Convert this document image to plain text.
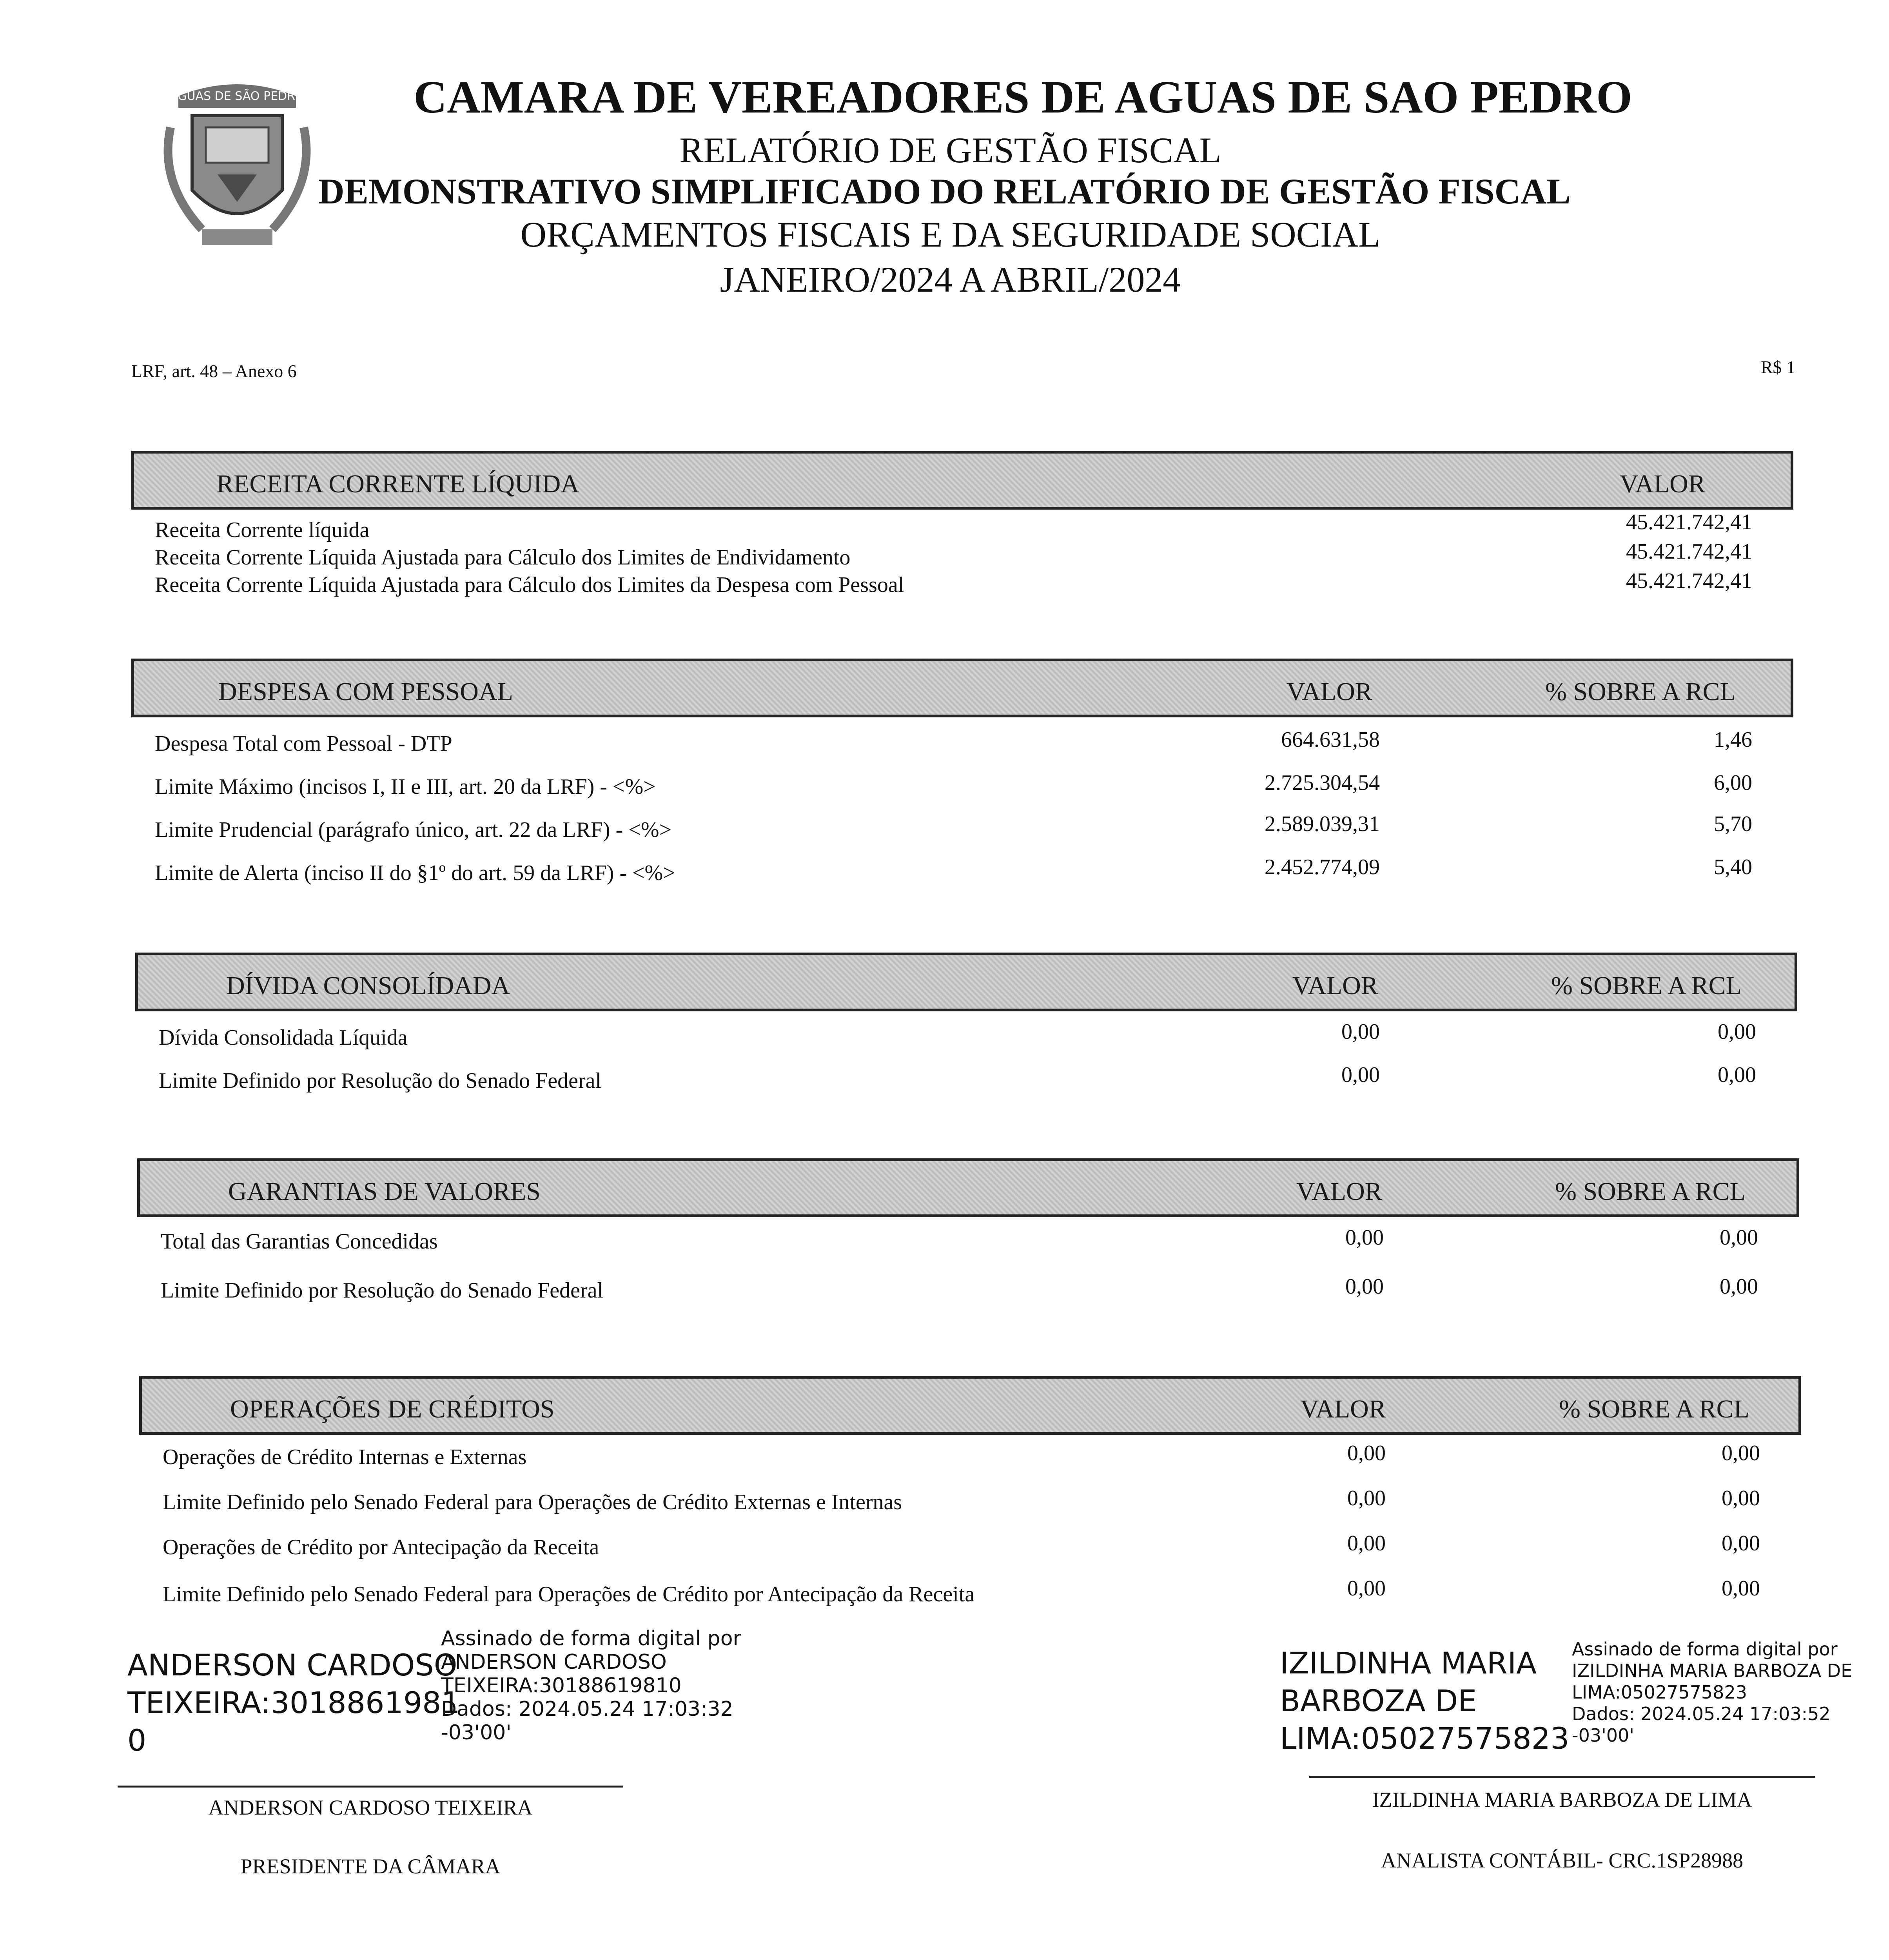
AGUAS DE SÃO PEDRO	CAMARA DE VEREADORES DE AGUAS DE SAO PEDRO
RELATÓRIO DE GESTÃO FISCAL
DEMONSTRATIVO SIMPLIFICADO DO RELATÓRIO DE GESTÃO FISCAL
ORÇAMENTOS FISCAIS E DA SEGURIDADE SOCIAL
JANEIRO/2024 A ABRIL/2024
LRF, art. 48 – Anexo 6	R$ 1
RECEITA CORRENTE LÍQUIDA	VALOR
Receita Corrente líquida	45.421.742,41
Receita Corrente Líquida Ajustada para Cálculo dos Limites de Endividamento	45.421.742,41
Receita Corrente Líquida Ajustada para Cálculo dos Limites da Despesa com Pessoal	45.421.742,41
DESPESA COM PESSOAL	VALOR	% SOBRE A RCL
Despesa Total com Pessoal - DTP	664.631,58	1,46
Limite Máximo (incisos I, II e III, art. 20 da LRF) - <%>	2.725.304,54	6,00
Limite Prudencial (parágrafo único, art. 22 da LRF) - <%>	2.589.039,31	5,70
Limite de Alerta (inciso II do §1º do art. 59 da LRF) - <%>	2.452.774,09	5,40
DÍVIDA CONSOLÍDADA	VALOR	% SOBRE A RCL
Dívida Consolidada Líquida	0,00	0,00
Limite Definido por Resolução do Senado Federal	0,00	0,00
GARANTIAS DE VALORES	VALOR	% SOBRE A RCL
Total das Garantias Concedidas	0,00	0,00
Limite Definido por Resolução do Senado Federal	0,00	0,00
OPERAÇÕES DE CRÉDITOS	VALOR	% SOBRE A RCL
Operações de Crédito Internas e Externas	0,00	0,00
Limite Definido pelo Senado Federal para Operações de Crédito Externas e Internas	0,00	0,00
Operações de Crédito por Antecipação da Receita	0,00	0,00
Limite Definido pelo Senado Federal para Operações de Crédito por Antecipação da Receita	0,00	0,00
ANDERSON CARDOSO
TEIXEIRA:3018861981
0
Assinado de forma digital por
ANDERSON CARDOSO
TEIXEIRA:30188619810
Dados: 2024.05.24 17:03:32
-03'00'
ANDERSON CARDOSO TEIXEIRA
PRESIDENTE DA CÂMARA
IZILDINHA MARIA
BARBOZA DE
LIMA:05027575823
Assinado de forma digital por
IZILDINHA MARIA BARBOZA DE
LIMA:05027575823
Dados: 2024.05.24 17:03:52
-03'00'
IZILDINHA MARIA BARBOZA DE LIMA
ANALISTA CONTÁBIL- CRC.1SP28988
